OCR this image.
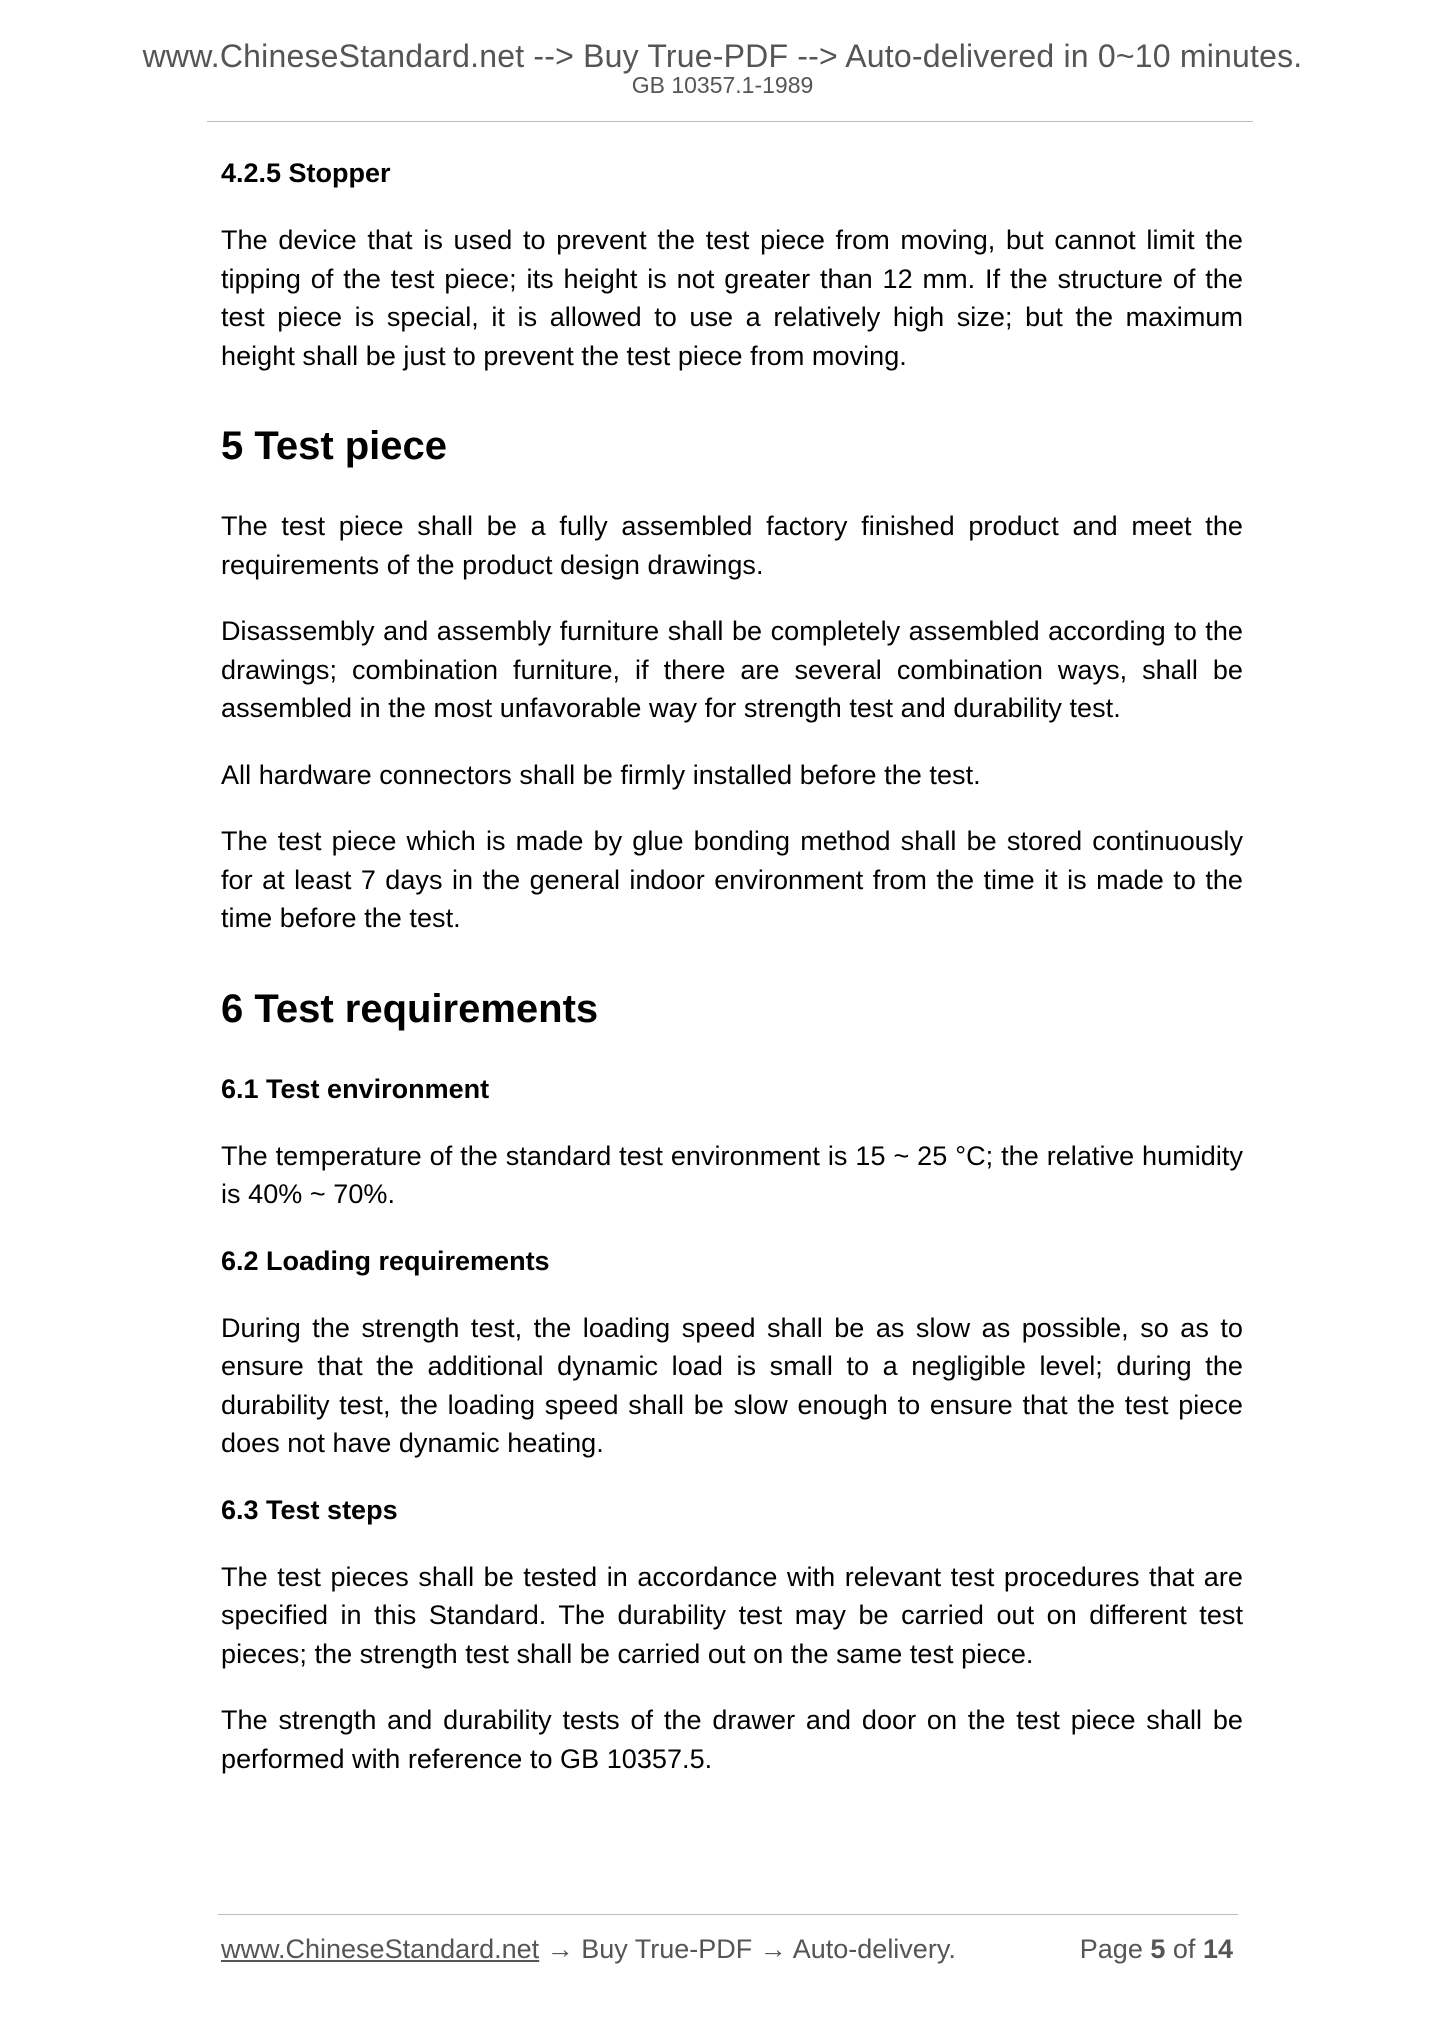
www.ChineseStandard.net --> Buy True-PDF --> Auto-delivered in 0~10 minutes.
GB 10357.1-1989
4.2.5 Stopper

The device that is used to prevent the test piece from moving, but cannot limit the tipping of the test piece; its height is not greater than 12 mm. If the structure of the test piece is special, it is allowed to use a relatively high size; but the maximum height shall be just to prevent the test piece from moving.

5 Test piece

The test piece shall be a fully assembled factory finished product and meet the requirements of the product design drawings.

Disassembly and assembly furniture shall be completely assembled according to the drawings; combination furniture, if there are several combination ways, shall be assembled in the most unfavorable way for strength test and durability test.

All hardware connectors shall be firmly installed before the test.

The test piece which is made by glue bonding method shall be stored continuously for at least 7 days in the general indoor environment from the time it is made to the time before the test.

6 Test requirements
6.1 Test environment

The temperature of the standard test environment is 15 ~ 25 °C; the relative humidity is 40% ~ 70%.

6.2 Loading requirements

During the strength test, the loading speed shall be as slow as possible, so as to ensure that the additional dynamic load is small to a negligible level; during the durability test, the loading speed shall be slow enough to ensure that the test piece does not have dynamic heating.

6.3 Test steps

The test pieces shall be tested in accordance with relevant test procedures that are specified in this Standard. The durability test may be carried out on different test pieces; the strength test shall be carried out on the same test piece.

The strength and durability tests of the drawer and door on the test piece shall be performed with reference to GB 10357.5.

www.ChineseStandard.net → Buy True-PDF → Auto-delivery.	Page 5 of 14
